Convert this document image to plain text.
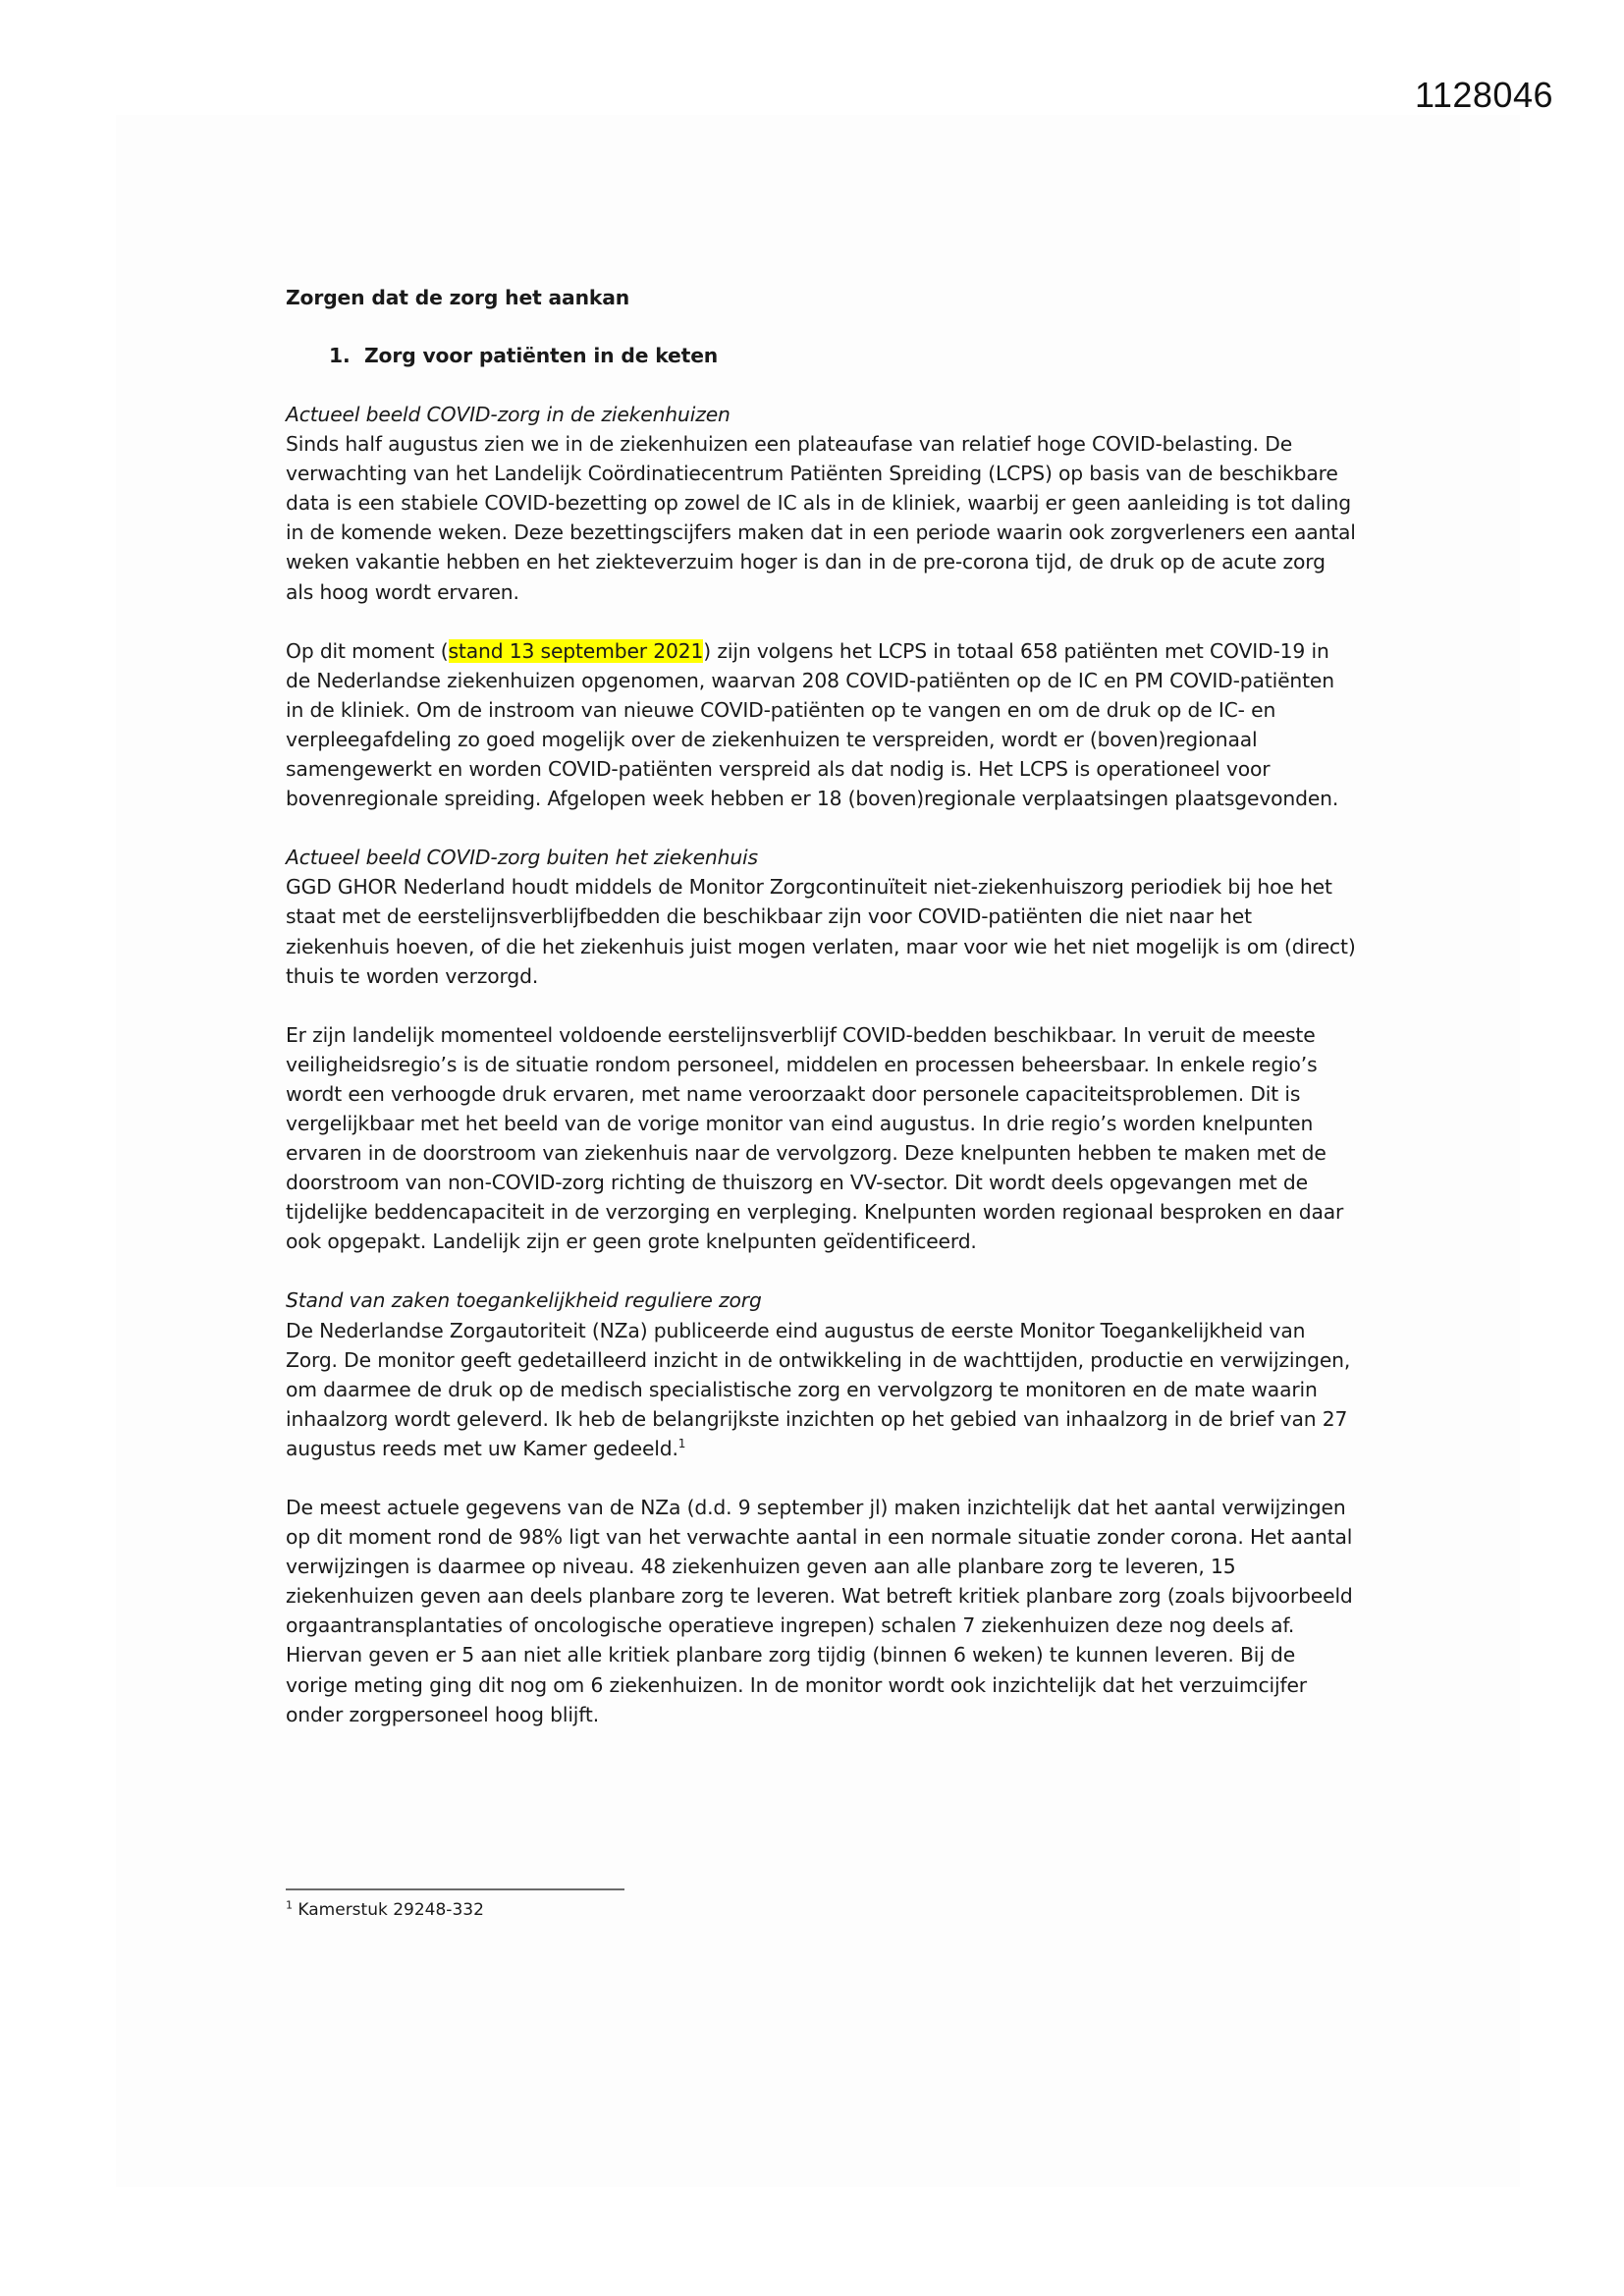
1128046
Zorgen dat de zorg het aankan
1. Zorg voor patiënten in de keten

Actueel beeld COVID-zorg in de ziekenhuizen

Sinds half augustus zien we in de ziekenhuizen een plateaufase van relatief hoge COVID-belasting. De verwachting van het Landelijk Coördinatiecentrum Patiënten Spreiding (LCPS) op basis van de beschikbare data is een stabiele COVID-bezetting op zowel de IC als in de kliniek, waarbij er geen aanleiding is tot daling in de komende weken. Deze bezettingscijfers maken dat in een periode waarin ook zorgverleners een aantal weken vakantie hebben en het ziekteverzuim hoger is dan in de pre-corona tijd, de druk op de acute zorg als hoog wordt ervaren.

Op dit moment (stand 13 september 2021) zijn volgens het LCPS in totaal 658 patiënten met COVID-19 in de Nederlandse ziekenhuizen opgenomen, waarvan 208 COVID-patiënten op de IC en PM COVID-patiënten in de kliniek. Om de instroom van nieuwe COVID-patiënten op te vangen en om de druk op de IC- en verpleegafdeling zo goed mogelijk over de ziekenhuizen te verspreiden, wordt er (boven)regionaal samengewerkt en worden COVID-patiënten verspreid als dat nodig is. Het LCPS is operationeel voor bovenregionale spreiding. Afgelopen week hebben er 18 (boven)regionale verplaatsingen plaatsgevonden.

Actueel beeld COVID-zorg buiten het ziekenhuis

GGD GHOR Nederland houdt middels de Monitor Zorgcontinuïteit niet-ziekenhuiszorg periodiek bij hoe het staat met de eerstelijnsverblijfbedden die beschikbaar zijn voor COVID-patiënten die niet naar het ziekenhuis hoeven, of die het ziekenhuis juist mogen verlaten, maar voor wie het niet mogelijk is om (direct) thuis te worden verzorgd.

Er zijn landelijk momenteel voldoende eerstelijnsverblijf COVID-bedden beschikbaar. In veruit de meeste veiligheidsregio’s is de situatie rondom personeel, middelen en processen beheersbaar. In enkele regio’s wordt een verhoogde druk ervaren, met name veroorzaakt door personele capaciteitsproblemen. Dit is vergelijkbaar met het beeld van de vorige monitor van eind augustus. In drie regio’s worden knelpunten ervaren in de doorstroom van ziekenhuis naar de vervolgzorg. Deze knelpunten hebben te maken met de doorstroom van non-COVID-zorg richting de thuiszorg en VV-sector. Dit wordt deels opgevangen met de tijdelijke beddencapaciteit in de verzorging en verpleging. Knelpunten worden regionaal besproken en daar ook opgepakt. Landelijk zijn er geen grote knelpunten geïdentificeerd.

Stand van zaken toegankelijkheid reguliere zorg

De Nederlandse Zorgautoriteit (NZa) publiceerde eind augustus de eerste Monitor Toegankelijkheid van Zorg. De monitor geeft gedetailleerd inzicht in de ontwikkeling in de wachttijden, productie en verwijzingen, om daarmee de druk op de medisch specialistische zorg en vervolgzorg te monitoren en de mate waarin inhaalzorg wordt geleverd. Ik heb de belangrijkste inzichten op het gebied van inhaalzorg in de brief van 27 augustus reeds met uw Kamer gedeeld.$^1$

De meest actuele gegevens van de NZa (d.d. 9 september jl) maken inzichtelijk dat het aantal verwijzingen op dit moment rond de 98% ligt van het verwachte aantal in een normale situatie zonder corona. Het aantal verwijzingen is daarmee op niveau. 48 ziekenhuizen geven aan alle planbare zorg te leveren, 15 ziekenhuizen geven aan deels planbare zorg te leveren. Wat betreft kritiek planbare zorg (zoals bijvoorbeeld orgaantransplantaties of oncologische operatieve ingrepen) schalen 7 ziekenhuizen deze nog deels af. Hiervan geven er 5 aan niet alle kritiek planbare zorg tijdig (binnen 6 weken) te kunnen leveren. Bij de vorige meting ging dit nog om 6 ziekenhuizen. In de monitor wordt ook inzichtelijk dat het verzuimcijfer onder zorgpersoneel hoog blijft.

$^1$ Kamerstuk 29248-332
